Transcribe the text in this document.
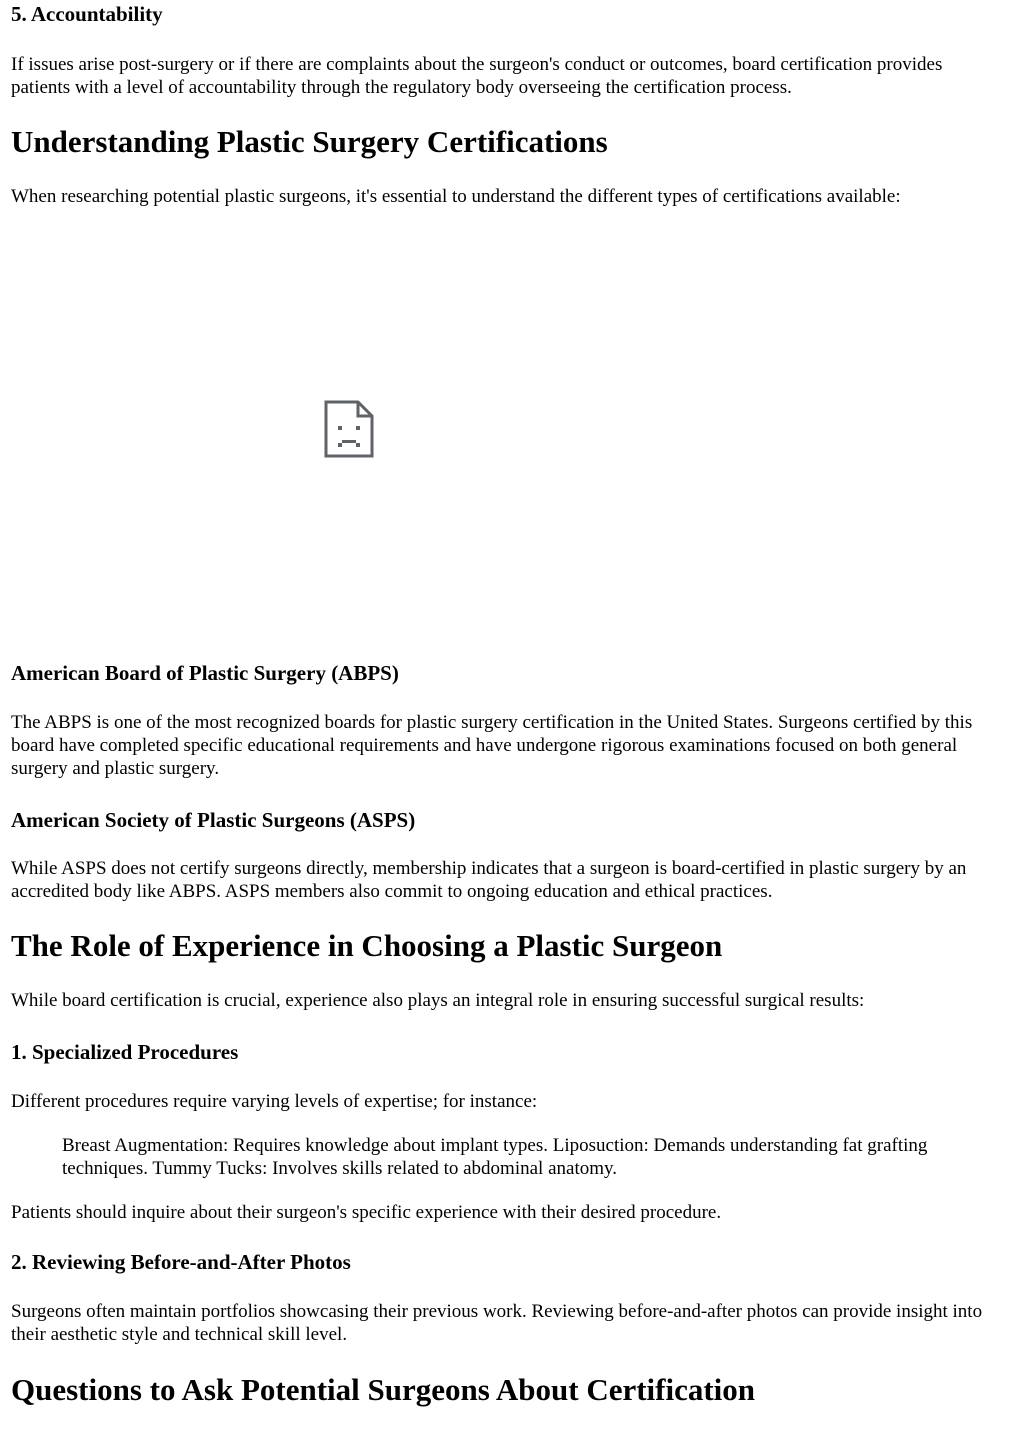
5. Accountability

If issues arise post-surgery or if there are complaints about the surgeon's conduct or outcomes, board certification provides patients with a level of accountability through the regulatory body overseeing the certification process.

Understanding Plastic Surgery Certifications

When researching potential plastic surgeons, it's essential to understand the different types of certifications available:

American Board of Plastic Surgery (ABPS)

The ABPS is one of the most recognized boards for plastic surgery certification in the United States. Surgeons certified by this board have completed specific educational requirements and have undergone rigorous examinations focused on both general surgery and plastic surgery.

American Society of Plastic Surgeons (ASPS)

While ASPS does not certify surgeons directly, membership indicates that a surgeon is board-certified in plastic surgery by an accredited body like ABPS. ASPS members also commit to ongoing education and ethical practices.

The Role of Experience in Choosing a Plastic Surgeon

While board certification is crucial, experience also plays an integral role in ensuring successful surgical results:

1. Specialized Procedures

Different procedures require varying levels of expertise; for instance:

Breast Augmentation: Requires knowledge about implant types. Liposuction: Demands understanding fat grafting techniques. Tummy Tucks: Involves skills related to abdominal anatomy.

Patients should inquire about their surgeon's specific experience with their desired procedure.

2. Reviewing Before-and-After Photos

Surgeons often maintain portfolios showcasing their previous work. Reviewing before-and-after photos can provide insight into their aesthetic style and technical skill level.

Questions to Ask Potential Surgeons About Certification
